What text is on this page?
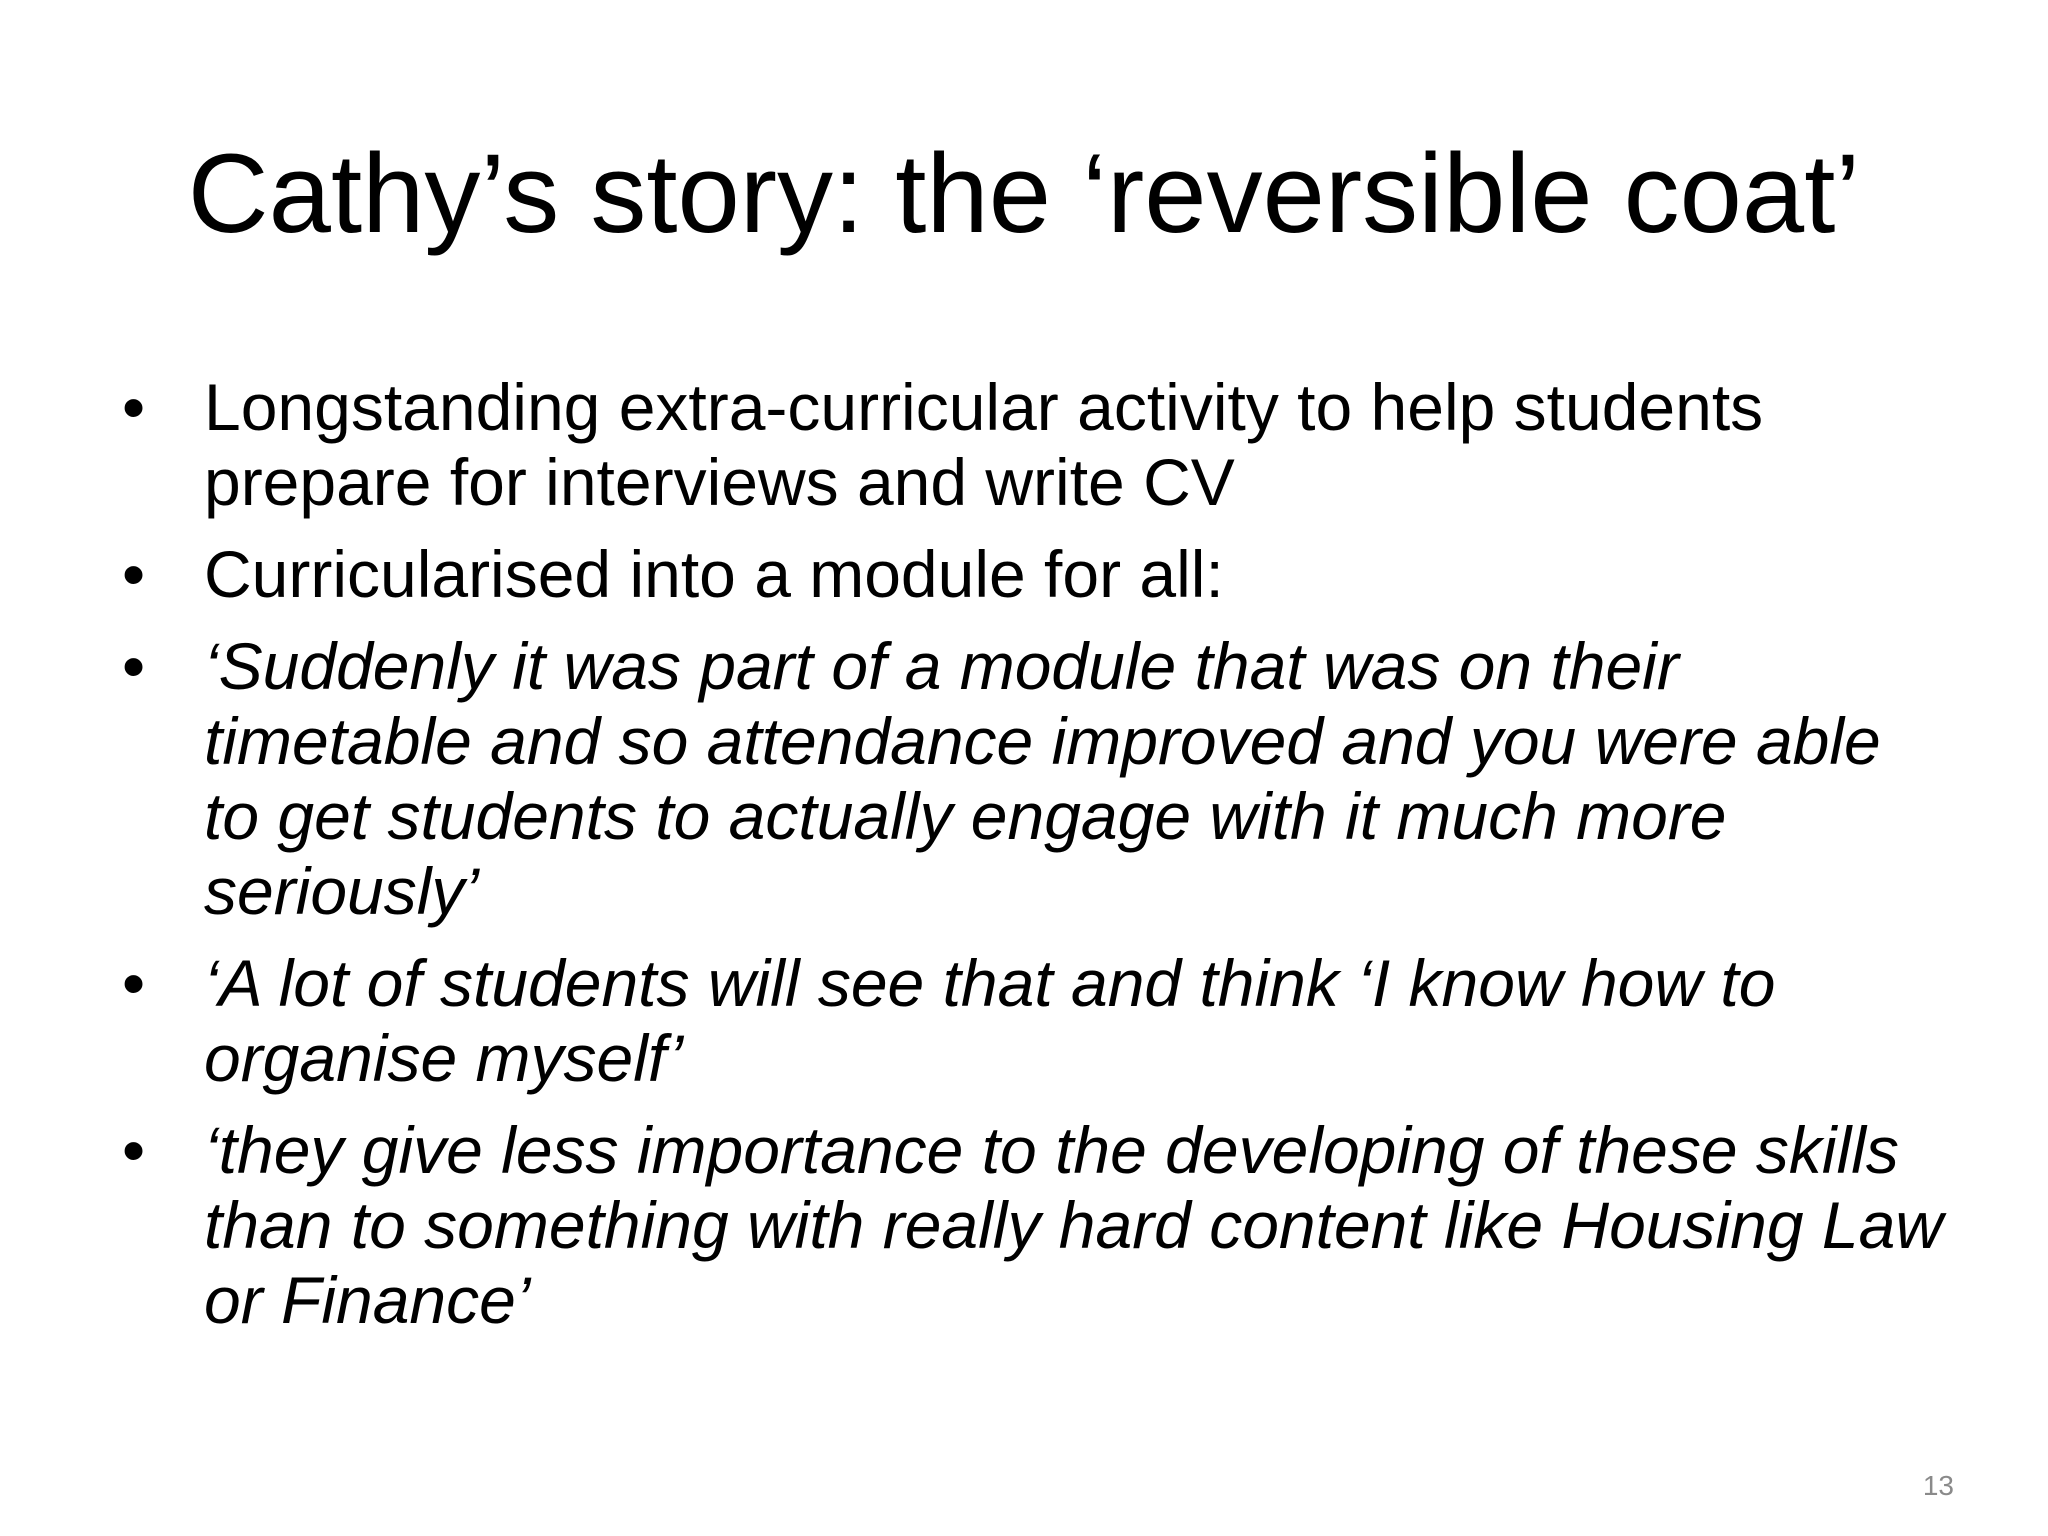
Cathy’s story: the ‘reversible coat’
• Longstanding extra-curricular activity to help students prepare for interviews and write CV
• Curricularised into a module for all:
• ‘Suddenly it was part of a module that was on their timetable and so attendance improved and you were able to get students to actually engage with it much more seriously’
• ‘A lot of students will see that and think ‘I know how to organise myself’
• ‘they give less importance to the developing of these skills than to something with really hard content like Housing Law or Finance’
13
